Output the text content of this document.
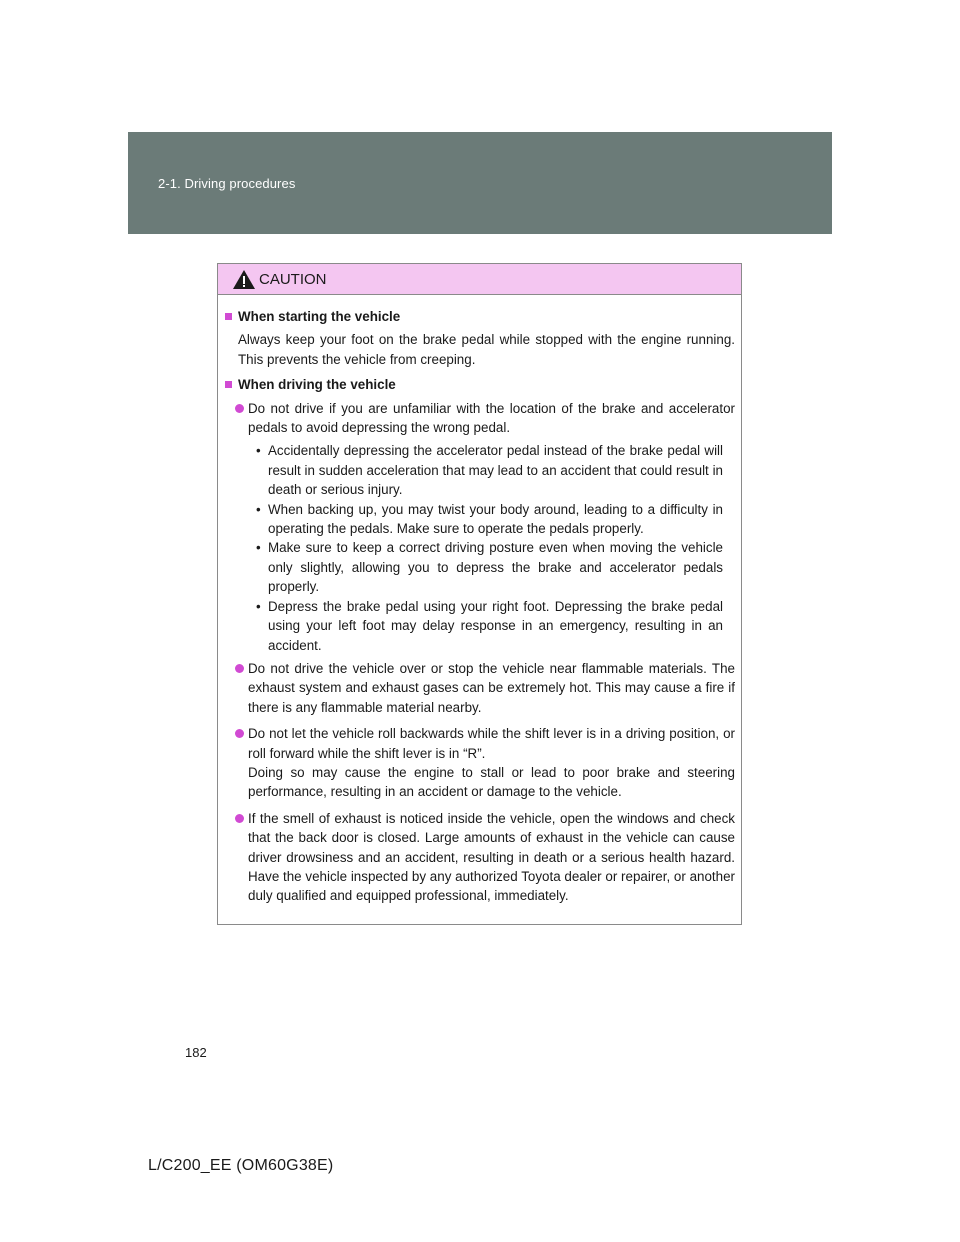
2-1. Driving procedures
CAUTION
When starting the vehicle
Always keep your foot on the brake pedal while stopped with the engine running. This prevents the vehicle from creeping.
When driving the vehicle
Do not drive if you are unfamiliar with the location of the brake and accelerator pedals to avoid depressing the wrong pedal.
• Accidentally depressing the accelerator pedal instead of the brake pedal will result in sudden acceleration that may lead to an accident that could result in death or serious injury.
• When backing up, you may twist your body around, leading to a difficulty in operating the pedals. Make sure to operate the pedals properly.
• Make sure to keep a correct driving posture even when moving the vehicle only slightly, allowing you to depress the brake and accelerator pedals properly.
• Depress the brake pedal using your right foot. Depressing the brake pedal using your left foot may delay response in an emergency, resulting in an accident.
Do not drive the vehicle over or stop the vehicle near flammable materials. The exhaust system and exhaust gases can be extremely hot. This may cause a fire if there is any flammable material nearby.
Do not let the vehicle roll backwards while the shift lever is in a driving position, or roll forward while the shift lever is in “R”.
Doing so may cause the engine to stall or lead to poor brake and steering performance, resulting in an accident or damage to the vehicle.
If the smell of exhaust is noticed inside the vehicle, open the windows and check that the back door is closed. Large amounts of exhaust in the vehicle can cause driver drowsiness and an accident, resulting in death or a serious health hazard. Have the vehicle inspected by any authorized Toyota dealer or repairer, or another duly qualified and equipped professional, immediately.
182
L/C200_EE (OM60G38E)
